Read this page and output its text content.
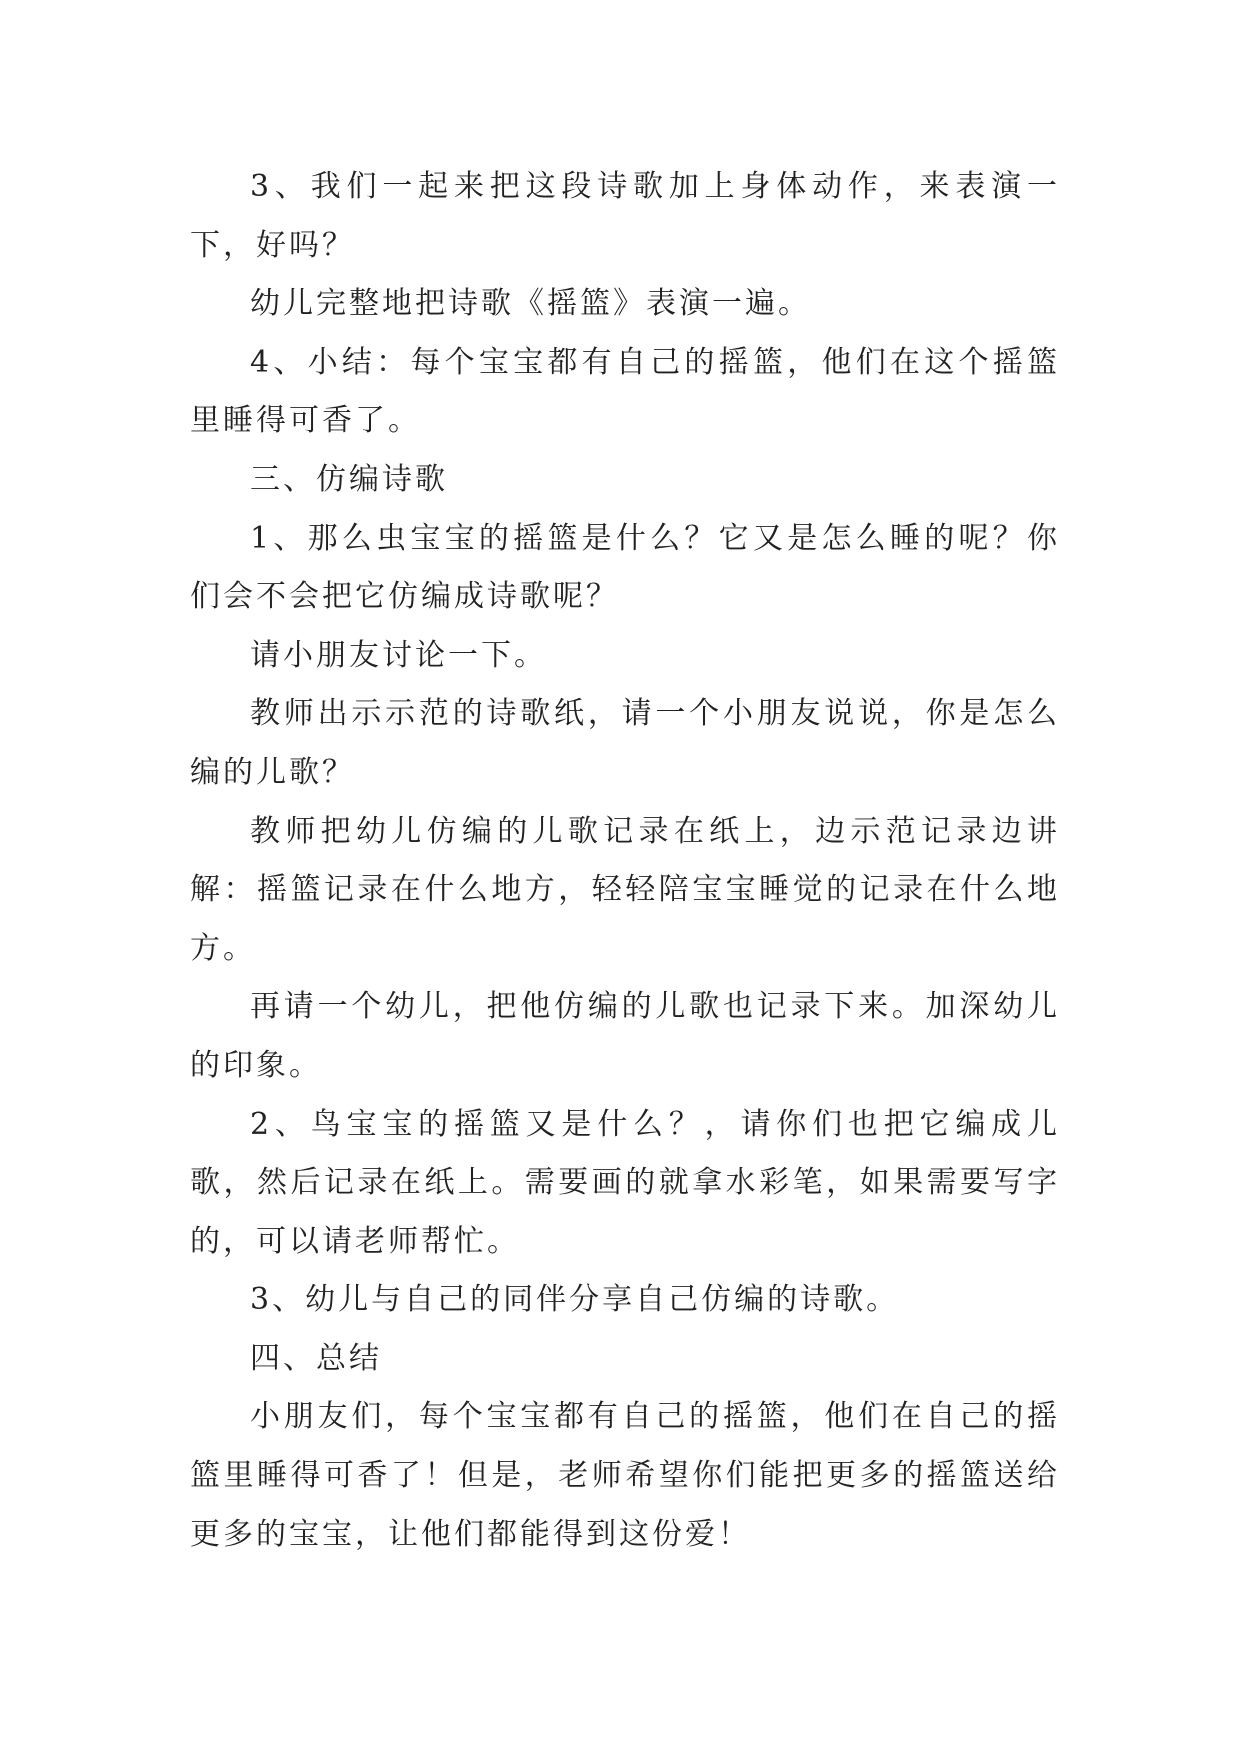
3、我们一起来把这段诗歌加上身体动作，来表演一下，好吗？

幼儿完整地把诗歌《摇篮》表演一遍。

4、小结：每个宝宝都有自己的摇篮，他们在这个摇篮里睡得可香了。

三、仿编诗歌

1、那么虫宝宝的摇篮是什么？它又是怎么睡的呢？你们会不会把它仿编成诗歌呢？

请小朋友讨论一下。

教师出示示范的诗歌纸，请一个小朋友说说，你是怎么编的儿歌？

教师把幼儿仿编的儿歌记录在纸上，边示范记录边讲解：摇篮记录在什么地方，轻轻陪宝宝睡觉的记录在什么地方。

再请一个幼儿，把他仿编的儿歌也记录下来。加深幼儿的印象。

2、鸟宝宝的摇篮又是什么？，请你们也把它编成儿歌，然后记录在纸上。需要画的就拿水彩笔，如果需要写字的，可以请老师帮忙。

3、幼儿与自己的同伴分享自己仿编的诗歌。

四、总结

小朋友们，每个宝宝都有自己的摇篮，他们在自己的摇篮里睡得可香了！但是，老师希望你们能把更多的摇篮送给更多的宝宝，让他们都能得到这份爱！
